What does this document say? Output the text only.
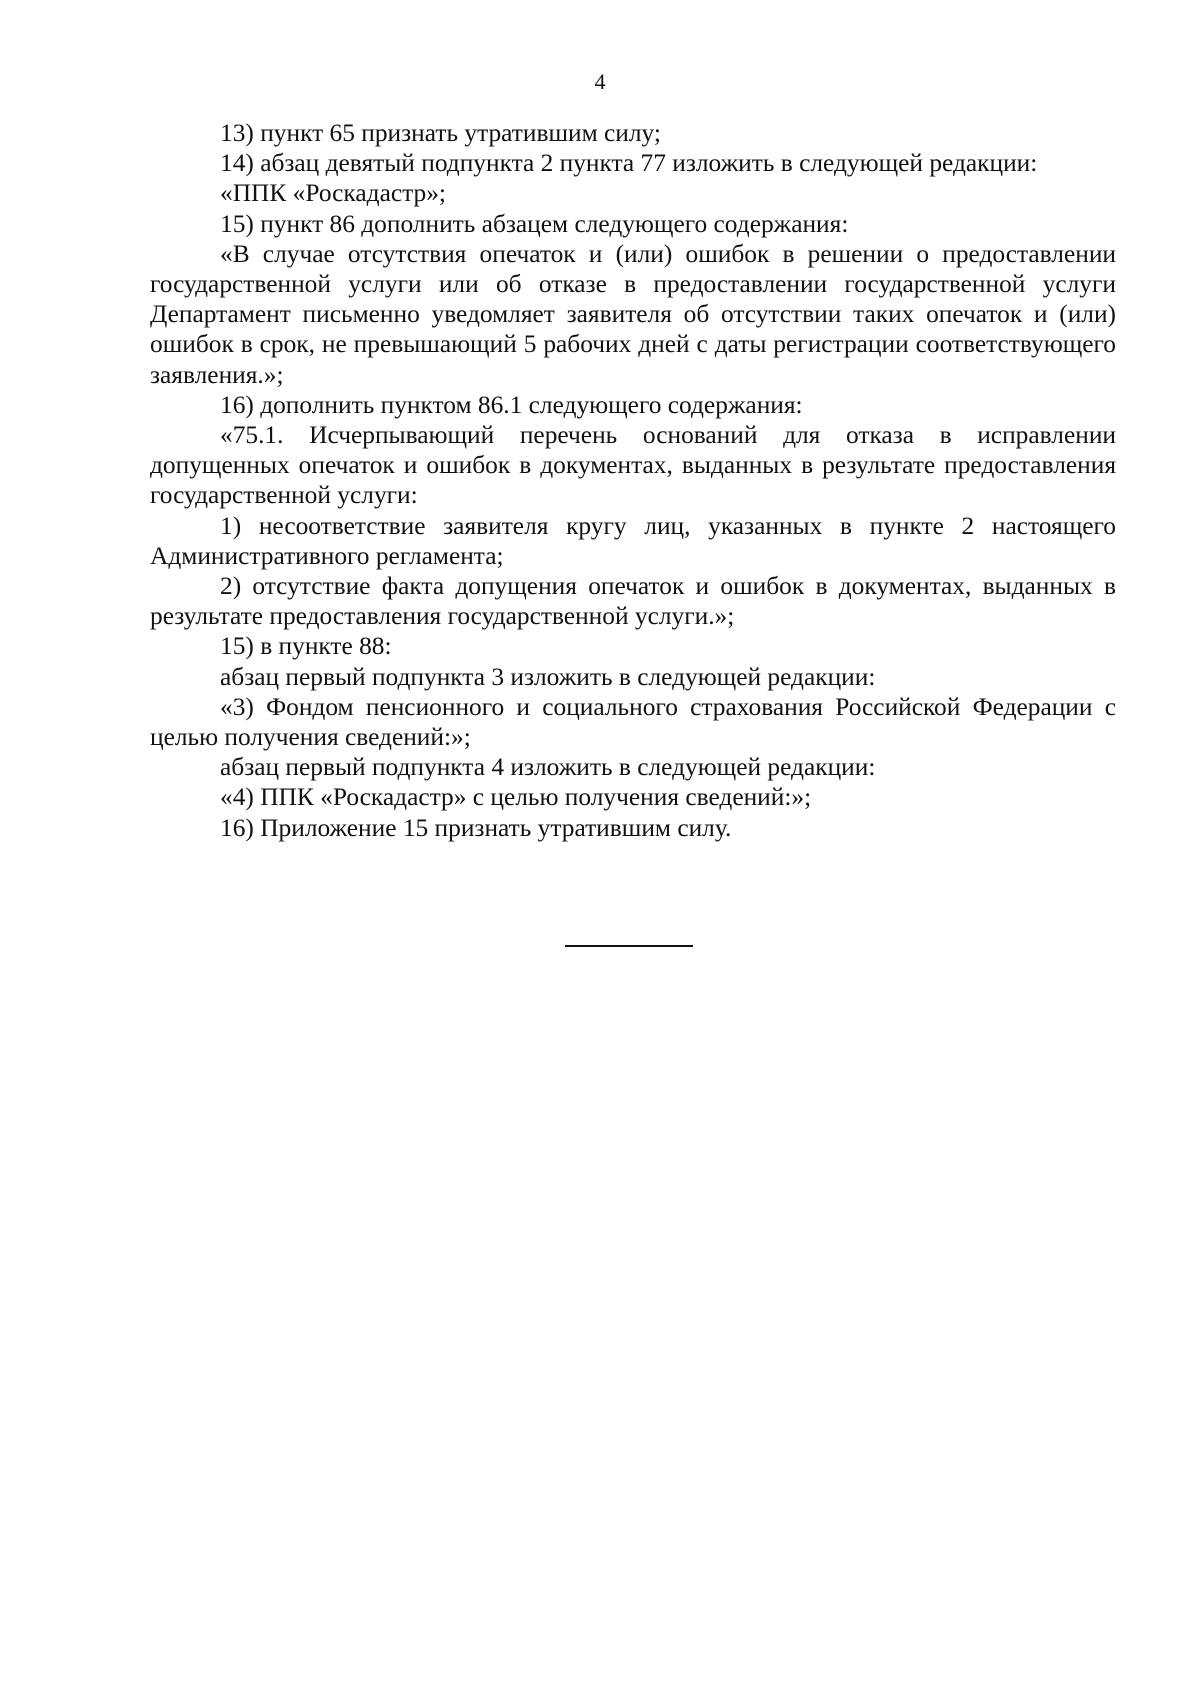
4

13) пункт 65 признать утратившим силу;

14) абзац девятый подпункта 2 пункта 77 изложить в следующей редакции:

«ППК «Роскадастр»;

15) пункт 86 дополнить абзацем следующего содержания:

«В случае отсутствия опечаток и (или) ошибок в решении о предоставлении государственной услуги или об отказе в предоставлении государственной услуги Департамент письменно уведомляет заявителя об отсутствии таких опечаток и (или) ошибок в срок, не превышающий 5 рабочих дней с даты регистрации соответствующего заявления.»;

16) дополнить пунктом 86.1 следующего содержания:

«75.1. Исчерпывающий перечень оснований для отказа в исправлении допущенных опечаток и ошибок в документах, выданных в результате предоставления государственной услуги:

1) несоответствие заявителя кругу лиц, указанных в пункте 2 настоящего Административного регламента;

2) отсутствие факта допущения опечаток и ошибок в документах, выданных в результате предоставления государственной услуги.»;

15) в пункте 88:

абзац первый подпункта 3 изложить в следующей редакции:

«3) Фондом пенсионного и социального страхования Российской Федерации с целью получения сведений:»;

абзац первый подпункта 4 изложить в следующей редакции:

«4) ППК «Роскадастр» с целью получения сведений:»;

16) Приложение 15 признать утратившим силу.
